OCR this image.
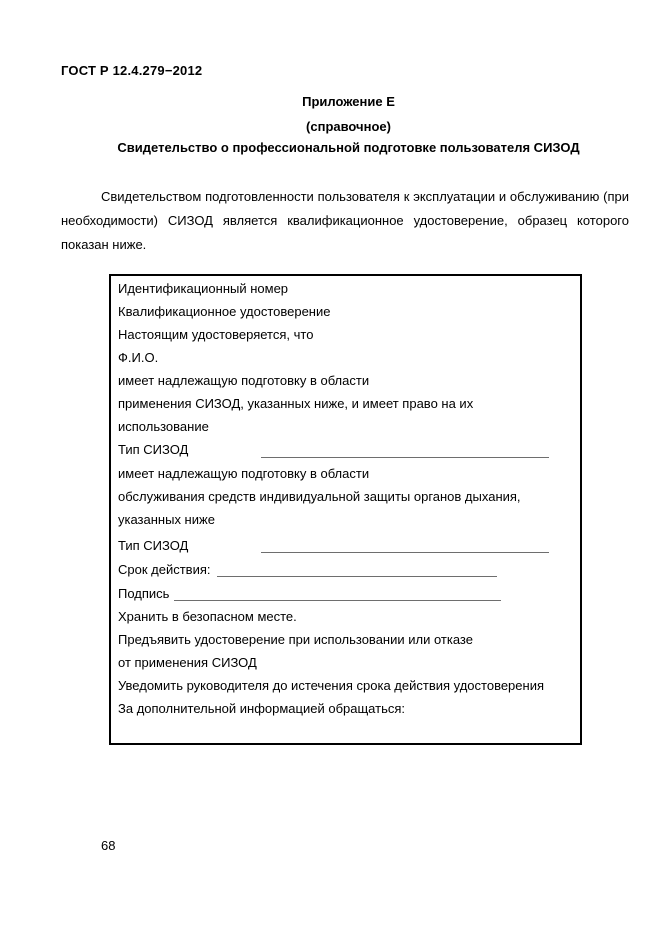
ГОСТ Р 12.4.279−2012
Приложение Е
(справочное)
Свидетельство о профессиональной подготовке пользователя СИЗОД
Свидетельством подготовленности пользователя к эксплуатации и обслуживанию (при необходимости) СИЗОД является квалификационное удостоверение, образец которого показан ниже.
Идентификационный номер
Квалификационное удостоверение
Настоящим удостоверяется, что
Ф.И.О.
имеет надлежащую подготовку в области
применения СИЗОД, указанных ниже, и имеет право на их
использование
Тип СИЗОД
имеет надлежащую подготовку в области
обслуживания средств индивидуальной защиты органов дыхания,
указанных ниже
Тип СИЗОД
Срок действия:
Подпись
Хранить в безопасном месте.
Предъявить удостоверение при использовании или отказе
от применения СИЗОД
Уведомить руководителя до истечения срока действия удостоверения
За дополнительной информацией обращаться:
68
